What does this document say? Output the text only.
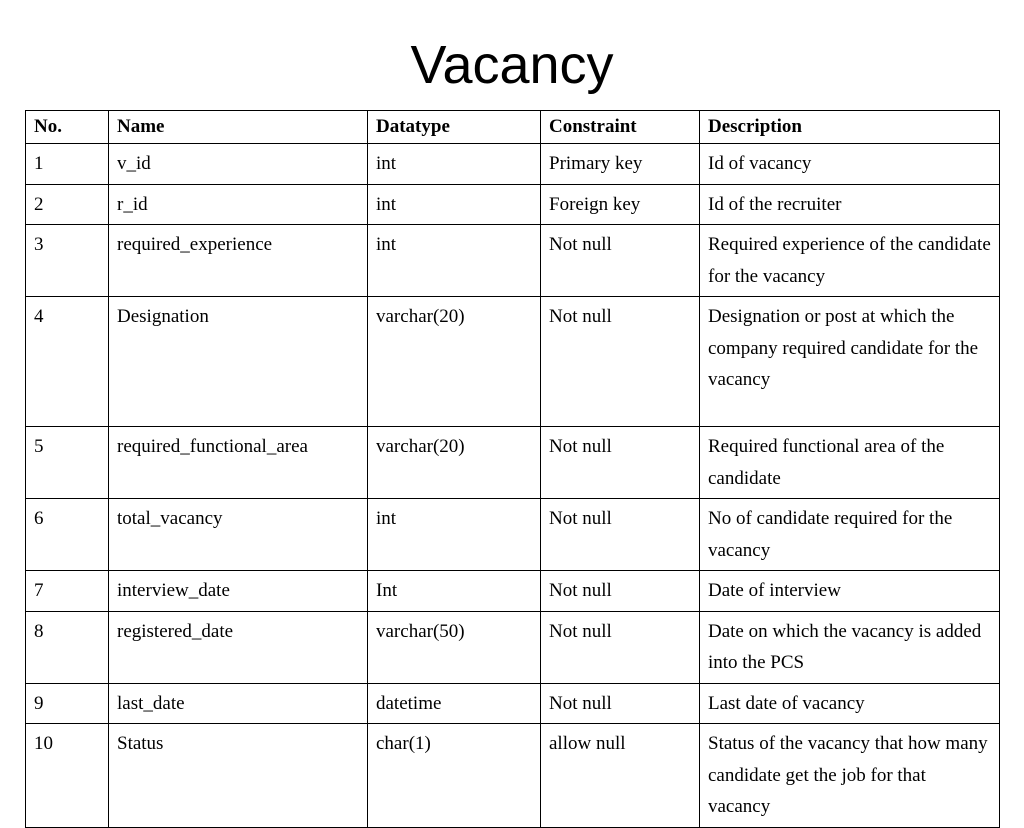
Vacancy
No.	Name	Datatype	Constraint	Description
1	v_id	int	Primary key	Id of vacancy
2	r_id	int	Foreign key	Id of the recruiter
3	required_experience	int	Not null	Required experience of the candidate for the vacancy
4	Designation	varchar(20)	Not null	Designation or post at which the company required candidate for the vacancy
5	required_functional_area	varchar(20)	Not null	Required functional area of the candidate
6	total_vacancy	int	Not null	No of candidate required for the vacancy
7	interview_date	Int	Not null	Date of interview
8	registered_date	varchar(50)	Not null	Date on which the vacancy is added into the PCS
9	last_date	datetime	Not null	Last date of vacancy
10	Status	char(1)	allow null	Status of the vacancy that how many candidate get the job for that vacancy
